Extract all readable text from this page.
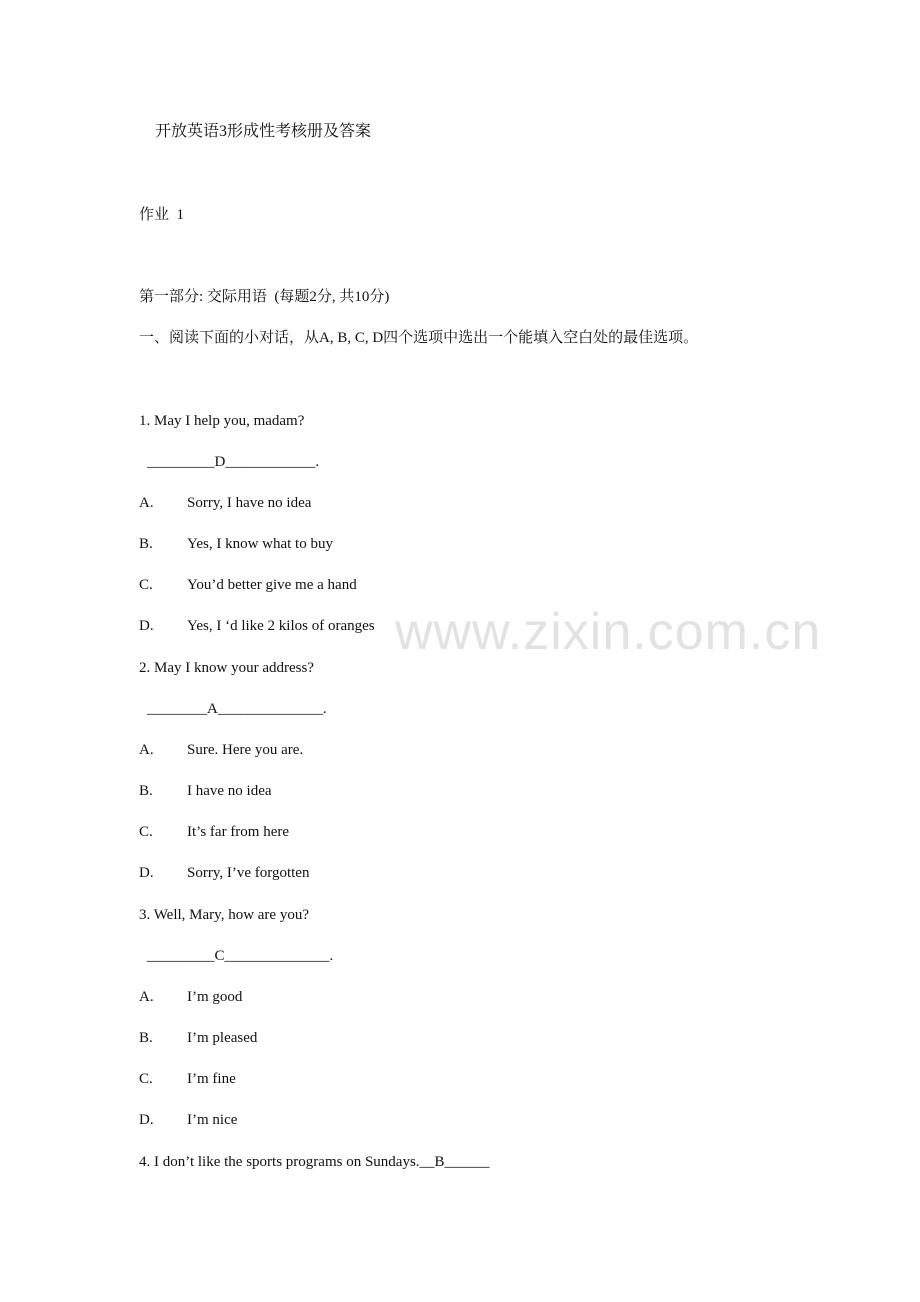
开放英语3形成性考核册及答案
作业  1
第一部分: 交际用语  (每题2分, 共10分)
一、阅读下面的小对话，从A, B, C, D四个选项中选出一个能填入空白处的最佳选项。
1. May I help you, madam?
_________D____________.
A. Sorry, I have no idea
B. Yes, I know what to buy
C. You’d better give me a hand
D. Yes, I ‘d like 2 kilos of oranges
2. May I know your address?
________A______________.
A. Sure. Here you are.
B. I have no idea
C. It’s far from here
D. Sorry, I’ve forgotten
3. Well, Mary, how are you?
_________C______________.
A. I’m good
B. I’m pleased
C. I’m fine
D. I’m nice
4. I don’t like the sports programs on Sundays.__B______
www.zixin.com.cn
